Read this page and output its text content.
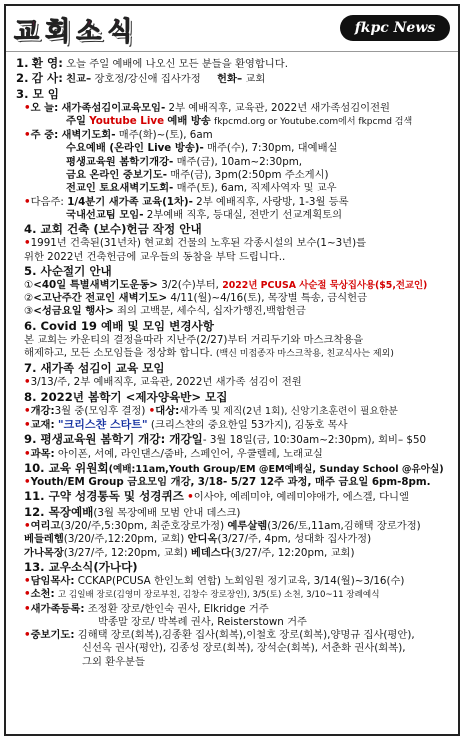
교회소식	fkpc News

1. 환 영: 오늘 주일 예배에 나오신 모든 분들을 환영합니다.

2. 감 사: 친교– 장호정/강신애 집사가정 헌화– 교회

3. 모 임

•오 늘: 새가족섬김이교육모임- 2부 예배직후, 교육관, 2022년 새가족섬김이전원

주일 Youtube Live 예배 방송 fkpcmd.org or Youtube.com에서 fkpcmd 검색

•주 중: 새벽기도회- 매주(화)~(토), 6am

수요예배 (온라인 Live 방송)- 매주(수), 7:30pm, 대예배실

평생교육원 봄학기개강- 매주(금), 10am~2:30pm,

금요 온라인 중보기도- 매주(금), 3pm(2:50pm 주소게시)

전교인 토요새벽기도회- 매주(토), 6am, 직제사역자 및 교우

•다음주: 1/4분기 새가족 교육(1차)- 2부 예배직후, 사랑방, 1-3월 등록

국내선교팀 모임- 2부예배 직후, 등대실, 전반기 선교계획토의

4. 교회 건축 (보수)헌금 작정 안내

•1991년 건축된(31년차) 현교회 건물의 노후된 각종시설의 보수(1~3년)를

위한 2022년 건축헌금에 교우들의 동참을 부탁 드립니다..

5. 사순절기 안내

①<40일 특별새벽기도운동> 3/2(수)부터, 2022년 PCUSA 사순절 묵상집사용($5,전교인)

②<고난주간 전교인 새벽기도> 4/11(월)~4/16(토), 목장별 특송, 금식헌금

③<성금요일 행사> 죄의 고백문, 세수식, 십자가행진,백합헌금

6. Covid 19 예배 및 모임 변경사항

본 교회는 카운티의 결정을따라 지난주(2/27)부터 거리두기와 마스크착용을

해제하고, 모든 소모임들을 정상화 합니다. (백신 미접종자 마스크착용, 친교식사는 제외)

7. 새가족 섬김이 교육 모임

•3/13/주, 2부 예배직후, 교육관, 2022년 새가족 섬김이 전원

8. 2022년 봄학기 <제자양육반> 모집

•개강:3월 중(모임후 결정) •대상:새가족 및 제직(2년 1회), 신앙기초훈련이 필요한분

•교재: "크리스챤 스타트" (크리스챤의 중요한일 53가지), 김동호 목사

9. 평생교육원 봄학기 개강: 개강일- 3월 18일(금, 10:30am~2:30pm), 회비– $50

•과목: 아이폰, 서예, 라인댄스/줌바, 스페인어, 우쿨렐레, 노래교실

10. 교육 위원회(예배:11am,Youth Group/EM @EM예배실, Sunday School @유아실)

•Youth/EM Group 금요모임 개강, 3/18- 5/27 12주 과정, 매주 금요일 6pm-8pm.

11. 구약 성경통독 및 성경퀴즈 •이사야, 예레미야, 예레미야애가, 에스겔, 다니엘

12. 목장예배(3월 목장예배 모범 안내 데스크)

•여리고(3/20/주,5:30pm, 최준호장로가정) 예루살렘(3/26/토,11am,김해택 장로가정)

베들레헴(3/20/주,12:20pm, 교회) 안디옥(3/27/주, 4pm, 성대화 집사가정)

가나목장(3/27/주, 12:20pm, 교회) 베데스다(3/27/주, 12:20pm, 교회)

13. 교우소식(가나다)

•담임목사: CCKAP(PCUSA 한인노회 연합) 노회임원 정기교육, 3/14(월)~3/16(수)

•소천: 고 김일배 장로(김영미 장로부친, 김창수 장로장인), 3/5(토) 소천, 3/10~11 장례예식

•새가족등록: 조정환 장로/한인숙 권사, Elkridge 거주

박종말 장로/ 박복례 권사, Reisterstown 거주

•중보기도: 김해택 장로(회복),김종환 집사(회복),이철호 장로(회복),양명규 집사(평안),

신선옥 권사(평안), 김종성 장로(회복), 장석순(회복), 서춘화 권사(회복),

그외 환우분들
